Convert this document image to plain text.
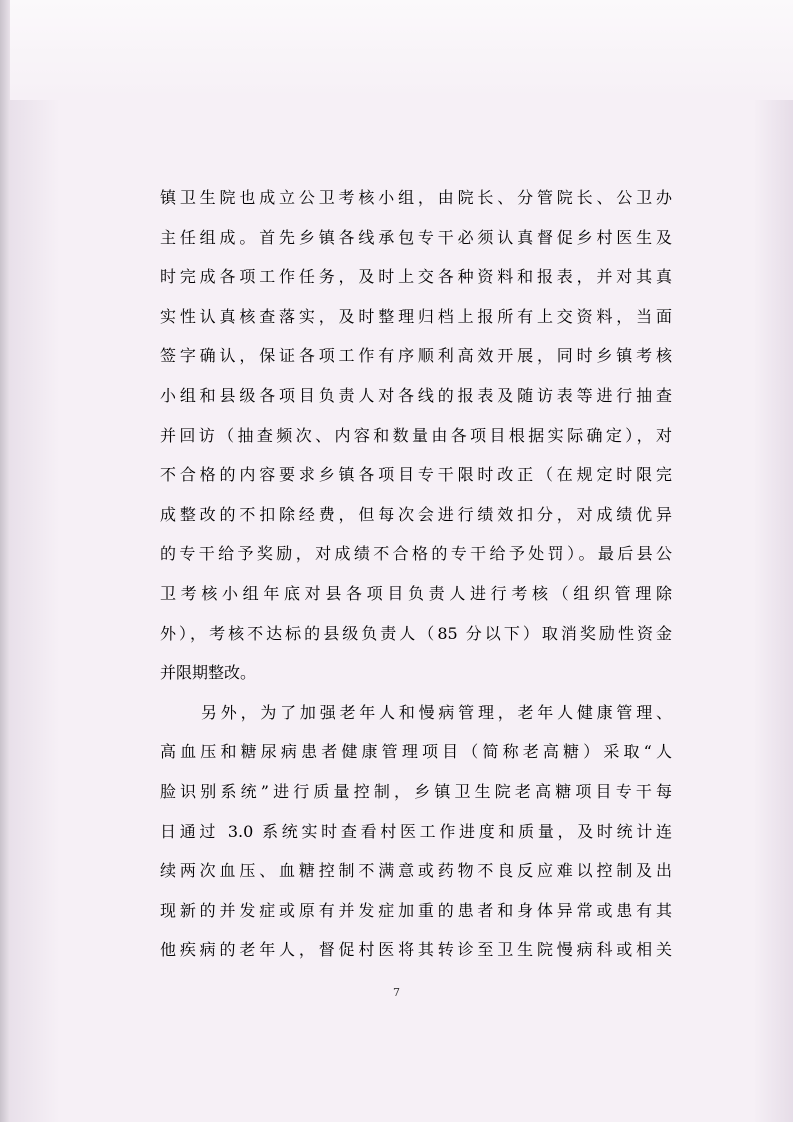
镇卫生院也成立公卫考核小组，由院长、分管院长、公卫办
主任组成。首先乡镇各线承包专干必须认真督促乡村医生及
时完成各项工作任务，及时上交各种资料和报表，并对其真
实性认真核查落实，及时整理归档上报所有上交资料，当面
签字确认，保证各项工作有序顺利高效开展，同时乡镇考核
小组和县级各项目负责人对各线的报表及随访表等进行抽查
并回访（抽查频次、内容和数量由各项目根据实际确定），对
不合格的内容要求乡镇各项目专干限时改正（在规定时限完
成整改的不扣除经费，但每次会进行绩效扣分，对成绩优异
的专干给予奖励，对成绩不合格的专干给予处罚）。最后县公
卫考核小组年底对县各项目负责人进行考核（组织管理除
外），考核不达标的县级负责人（85 分以下）取消奖励性资金
并限期整改。
另外，为了加强老年人和慢病管理，老年人健康管理、
高血压和糖尿病患者健康管理项目（简称老高糖）采取“人
脸识别系统”进行质量控制，乡镇卫生院老高糖项目专干每
日通过 3.0 系统实时查看村医工作进度和质量，及时统计连
续两次血压、血糖控制不满意或药物不良反应难以控制及出
现新的并发症或原有并发症加重的患者和身体异常或患有其
他疾病的老年人，督促村医将其转诊至卫生院慢病科或相关
7
